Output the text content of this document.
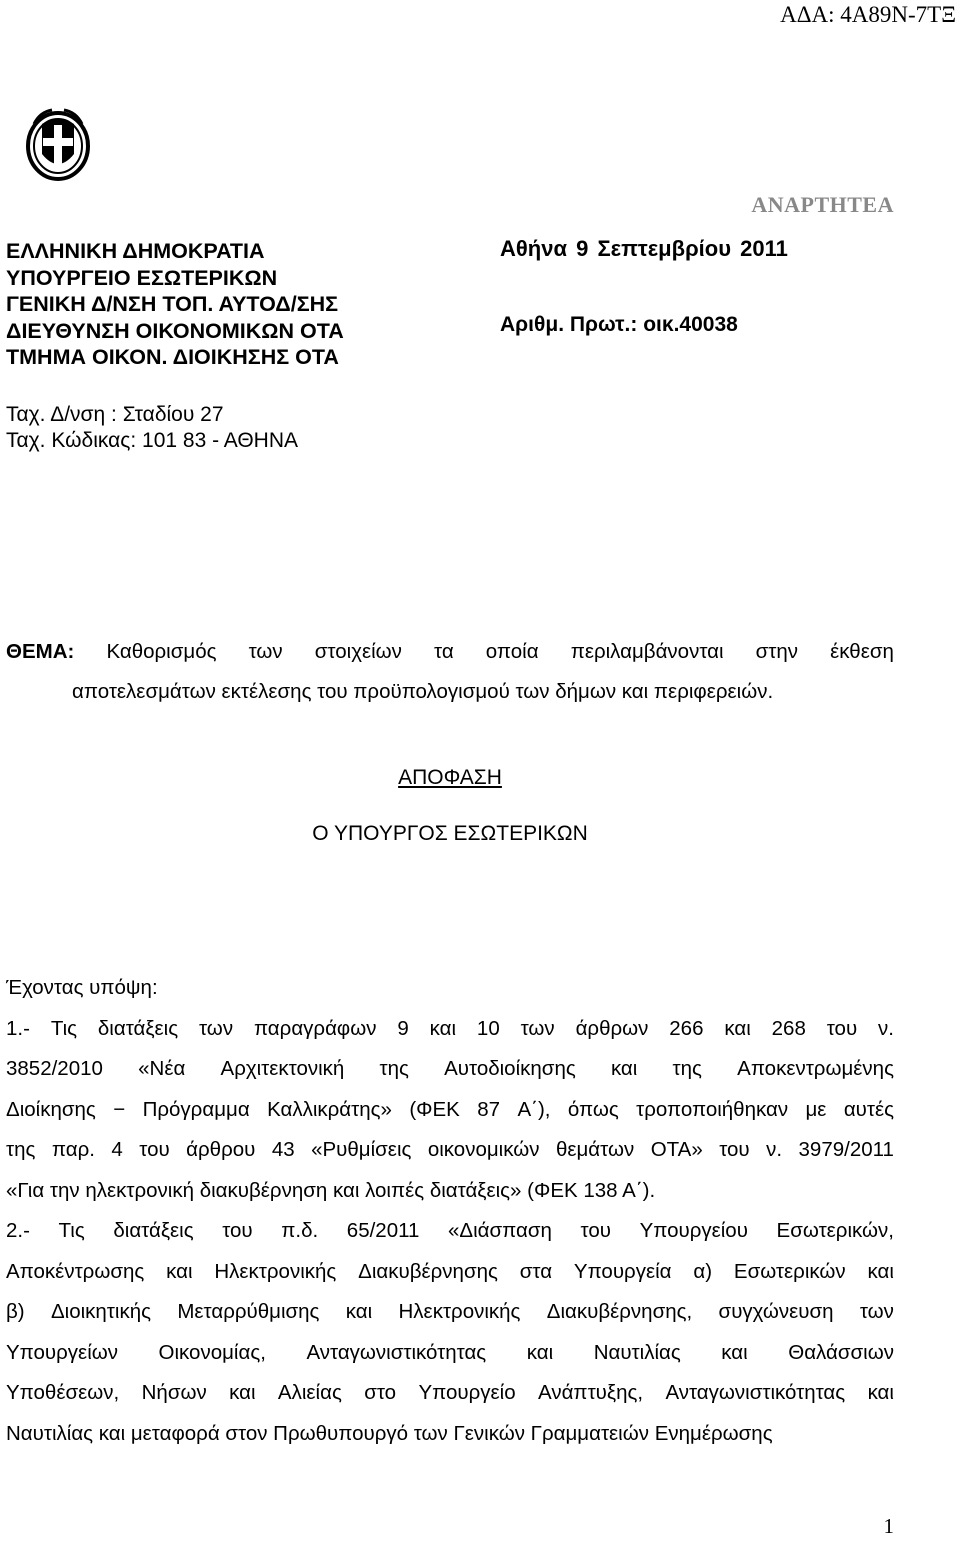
ΑΔΑ: 4Α89Ν-7ΤΞ
ΑΝΑΡΤΗΤΕΑ
ΕΛΛΗΝΙΚΗ ΔΗΜΟΚΡΑΤΙΑ
ΥΠΟΥΡΓΕΙΟ ΕΣΩΤΕΡΙΚΩΝ
ΓΕΝΙΚΗ Δ/ΝΣΗ ΤΟΠ. ΑΥΤΟΔ/ΣΗΣ
ΔΙΕΥΘΥΝΣΗ ΟΙΚΟΝΟΜΙΚΩΝ ΟΤΑ
ΤΜΗΜΑ ΟΙΚΟΝ. ΔΙΟΙΚΗΣΗΣ ΟΤΑ
Αθήνα 9 Σεπτεμβρίου 2011
Αριθμ. Πρωτ.: οικ.40038
Ταχ. Δ/νση : Σταδίου 27
Ταχ. Κώδικας: 101 83 - ΑΘΗΝΑ
ΘΕΜΑ: Καθορισμός των στοιχείων τα οποία περιλαμβάνονται στην έκθεση
αποτελεσμάτων εκτέλεσης του προϋπολογισμού των δήμων και περιφερειών.
ΑΠΟΦΑΣΗ
Ο ΥΠΟΥΡΓΟΣ ΕΣΩΤΕΡΙΚΩΝ
Έχοντας υπόψη:
1.- Τις διατάξεις των παραγράφων 9 και 10 των άρθρων 266 και 268 του ν.
3852/2010 «Νέα Αρχιτεκτονική της Αυτοδιοίκησης και της Αποκεντρωμένης
Διοίκησης − Πρόγραμμα Καλλικράτης» (ΦΕΚ 87 Α΄), όπως τροποποιήθηκαν με αυτές
της παρ. 4 του άρθρου 43 «Ρυθμίσεις οικονομικών θεμάτων ΟΤΑ» του ν. 3979/2011
«Για την ηλεκτρονική διακυβέρνηση και λοιπές διατάξεις» (ΦΕΚ 138 Α΄).
2.- Τις διατάξεις του π.δ. 65/2011 «Διάσπαση του Υπουργείου Εσωτερικών,
Αποκέντρωσης και Ηλεκτρονικής Διακυβέρνησης στα Υπουργεία α) Εσωτερικών και
β) Διοικητικής Μεταρρύθμισης και Ηλεκτρονικής Διακυβέρνησης, συγχώνευση των
Υπουργείων Οικονομίας, Ανταγωνιστικότητας και Ναυτιλίας και Θαλάσσιων
Υποθέσεων, Νήσων και Αλιείας στο Υπουργείο Ανάπτυξης, Ανταγωνιστικότητας και
Ναυτιλίας και μεταφορά στον Πρωθυπουργό των Γενικών Γραμματειών Ενημέρωσης
1
